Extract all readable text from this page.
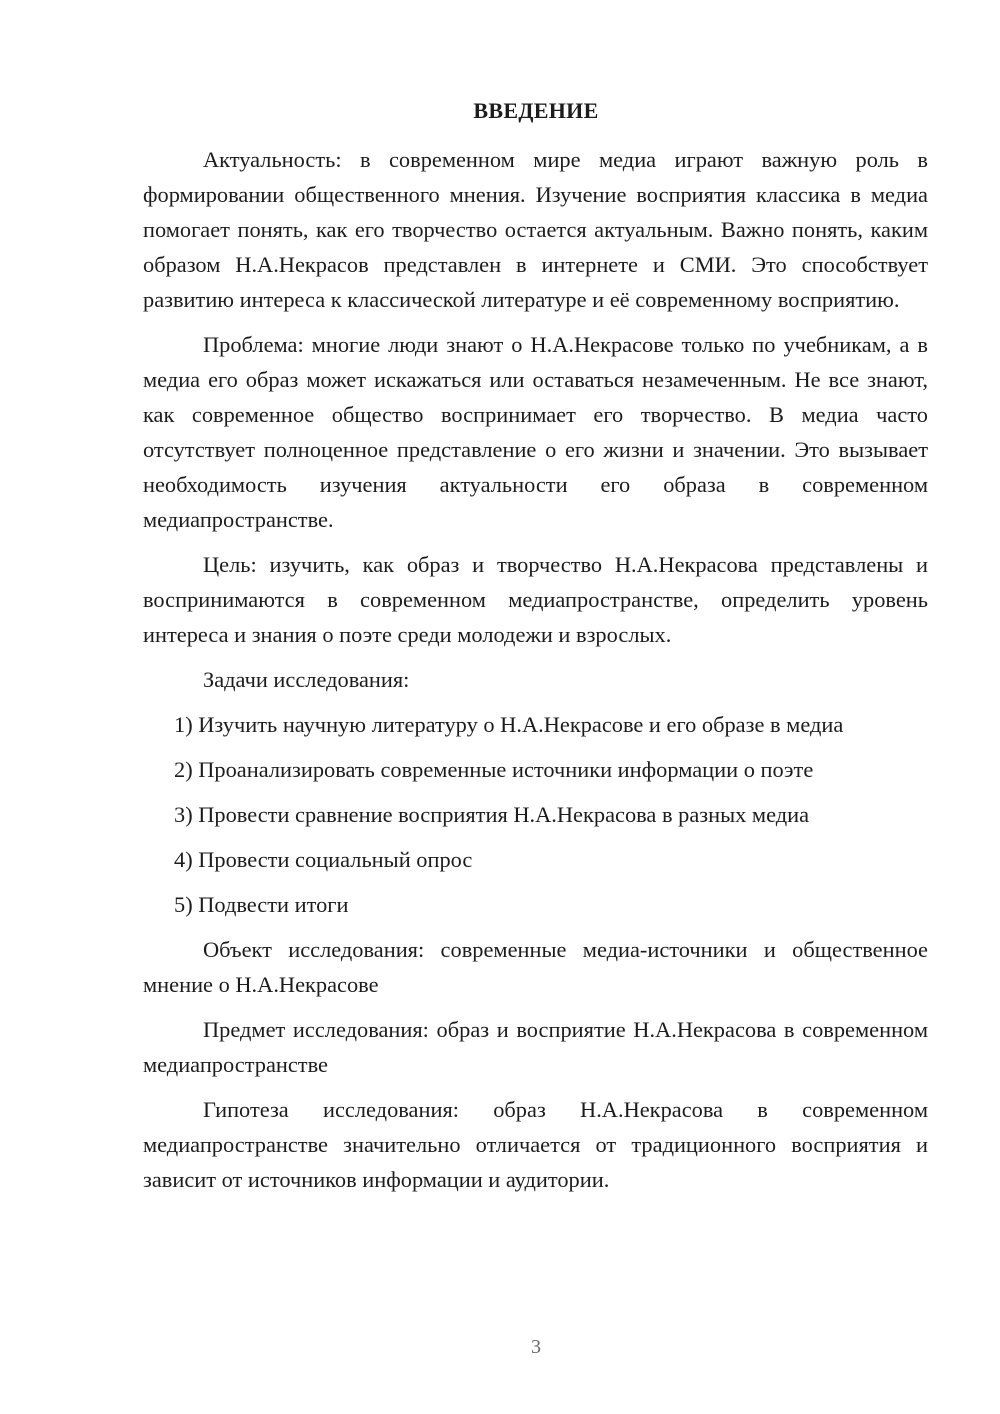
ВВЕДЕНИЕ

Актуальность: в современном мире медиа играют важную роль в формировании общественного мнения. Изучение восприятия классика в медиа помогает понять, как его творчество остается актуальным. Важно понять, каким образом Н.А.Некрасов представлен в интернете и СМИ. Это способствует развитию интереса к классической литературе и её современному восприятию.

Проблема: многие люди знают о Н.А.Некрасове только по учебникам, а в медиа его образ может искажаться или оставаться незамеченным. Не все знают, как современное общество воспринимает его творчество. В медиа часто отсутствует полноценное представление о его жизни и значении. Это вызывает необходимость изучения актуальности его образа в современном медиапространстве.

Цель: изучить, как образ и творчество Н.А.Некрасова представлены и воспринимаются в современном медиапространстве, определить уровень интереса и знания о поэте среди молодежи и взрослых.

Задачи исследования:

1) Изучить научную литературу о Н.А.Некрасове и его образе в медиа
2) Проанализировать современные источники информации о поэте
3) Провести сравнение восприятия Н.А.Некрасова в разных медиа
4) Провести социальный опрос
5) Подвести итоги

Объект исследования: современные медиа-источники и общественное мнение о Н.А.Некрасове

Предмет исследования: образ и восприятие Н.А.Некрасова в современном медиапространстве

Гипотеза исследования: образ Н.А.Некрасова в современном медиапространстве значительно отличается от традиционного восприятия и зависит от источников информации и аудитории.

3
